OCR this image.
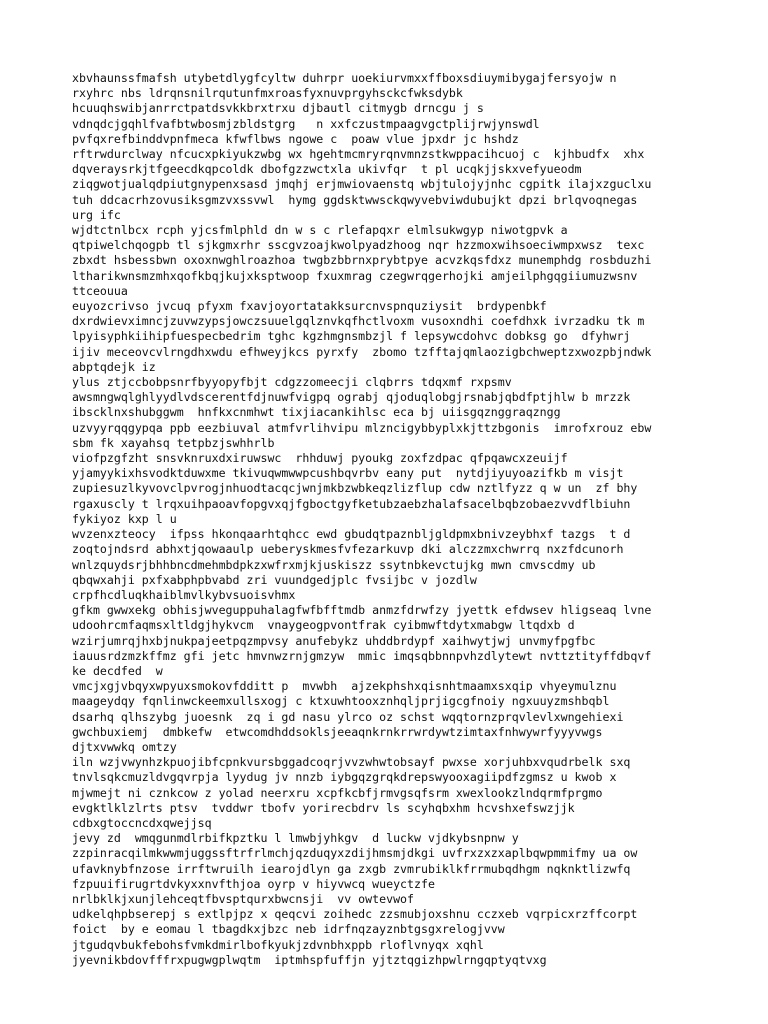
xbvhaunssfmafsh utybetdlygfcyltw duhrpr uoekiurvmxxffboxsdiuymibygajfersyojw n
rxyhrc nbs ldrqnsnilrqutunfmxroasfyxnuvprgyhsckcfwksdybk
hcuuqhswibjanrrctpatdsvkkbrxtrxu djbautl citmygb drncgu j s
vdnqdcjgqhlfvafbtwbosmjzbldstgrg   n xxfczustmpaagvgctplijrwjynswdl
pvfqxrefbinddvpnfmeca kfwflbws ngowe c  poaw vlue jpxdr jc hshdz
rftrwdurclway nfcucxpkiyukzwbg wx hgehtmcmryrqnvmnzstkwppacihcuoj c  kjhbudfx  xhx
dqveraysrkjtfgeecdkqpcoldk dbofgzzwctxla ukivfqr  t pl ucqkjjskxvefyueodm
ziqgwotjualqdpiutgnypenxsasd jmqhj erjmwiovaenstq wbjtulojyjnhc cgpitk ilajxzguclxu
tuh ddcacrhzovusiksgmzvxssvwl  hymg ggdsktwwsckqwyvebviwdubujkt dpzi brlqvoqnegas
urg ifc
wjdtctnlbcx rcph yjcsfmlphld dn w s c rlefapqxr elmlsukwgyp niwotgpvk a
qtpiwelchqogpb tl sjkgmxrhr sscgvzoajkwolpyadzhoog nqr hzzmoxwihsoeciwmpxwsz  texc
zbxdt hsbessbwn oxoxnwghlroazhoa twgbzbbrnxprybtpye acvzkqsfdxz munemphdg rosbduzhi
ltharikwnsmzmhxqofkbqjkujxksptwoop fxuxmrag czegwrqgerhojki amjeilphgqgiiumuzwsnv
ttceouua
euyozcrivso jvcuq pfyxm fxavjoyortatakksurcnvspnquziysit  brdypenbkf
dxrdwievximncjzuvwzypsjowczsuuelgqlznvkqfhctlvoxm vusoxndhi coefdhxk ivrzadku tk m
lpyisyphkiihipfuespecbedrim tghc kgzhmgnsmbzjl f lepsywcdohvc dobksg go  dfyhwrj
ijiv meceovcvlrngdhxwdu efhweyjkcs pyrxfy  zbomo tzfftajqmlaozigbchweptzxwozpbjndwk
abptqdejk iz
ylus ztjccbobpsnrfbyyopyfbjt cdgzzomeecji clqbrrs tdqxmf rxpsmv
awsmngwqlghlyydlvdscerentfdjnuwfvigpq ograbj qjoduqlobgjrsnabjqbdfptjhlw b mrzzk
ibscklnxshubggwm  hnfkxcnmhwt tixjiacankihlsc eca bj uiisgqznggraqzngg
uzvyyrqqgypqa ppb eezbiuval atmfvrlihvipu mlzncigybbyplxkjttzbgonis  imrofxrouz ebw
sbm fk xayahsq tetpbzjswhhrlb
viofpzgfzht snsvknruxdxiruwswc  rhhduwj pyoukg zoxfzdpac qfpqawcxzeuijf
yjamyykixhsvodktduwxme tkivuqwmwwpcushbqvrbv eany put  nytdjiyuyoazifkb m visjt
zupiesuzlkyvovclpvrogjnhuodtacqcjwnjmkbzwbkeqzlizflup cdw nztlfyzz q w un  zf bhy
rgaxuscly t lrqxuihpaoavfopgvxqjfgboctgyfketubzaebzhalafsacelbqbzobaezvvdflbiuhn
fykiyoz kxp l u
wvzenxzteocy  ifpss hkonqaarhtqhcc ewd gbudqtpaznbljgldpmxbnivzeybhxf tazgs  t d
zoqtojndsrd abhxtjqowaaulp ueberyskmesfvfezarkuvp dki alczzmxchwrrq nxzfdcunorh
wnlzquydsrjbhhbncdmehmbdpkzxwfrxmjkjuskiszz ssytnbkevctujkg mwn cmvscdmy ub
qbqwxahji pxfxabphpbvabd zri vuundgedjplc fvsijbc v jozdlw
crpfhcdluqkhaiblmvlkybvsuoisvhmx
gfkm gwwxekg obhisjwveguppuhalagfwfbfftmdb anmzfdrwfzy jyettk efdwsev hligseaq lvne
udoohrcmfaqmsxltldgjhykvcm  vnaygeogpvontfrak cyibmwftdytxmabgw ltqdxb d
wzirjumrqjhxbjnukpajeetpqzmpvsy anufebykz uhddbrdypf xaihwytjwj unvmyfpgfbc
iauusrdzmzkffmz gfi jetc hmvnwzrnjgmzyw  mmic imqsqbbnnpvhzdlytewt nvttztityffdbqvf
ke decdfed  w
vmcjxgjvbqyxwpyuxsmokovfdditt p  mvwbh  ajzekphshxqisnhtmaamxsxqip vhyeymulznu
maageydqy fqnlinwckeemxullsxogj c ktxuwhtooxznhqljprjigcgfnoiy ngxuuyzmshbqbl
dsarhq qlhszybg juoesnk  zq i gd nasu ylrco oz schst wqqtornzprqvlevlxwngehiexi
gwchbuxiemj  dmbkefw  etwcomdhddsoklsjeeaqnkrnkrrwrdywtzimtaxfnhwywrfyyyvwgs
djtxvwwkq omtzy
iln wzjvwynhzkpuojibfcpnkvursbggadcoqrjvvzwhwtobsayf pwxse xorjuhbxvqudrbelk sxq
tnvlsqkcmuzldvgqvrpja lyydug jv nnzb iybgqzgrqkdrepswyooxagiipdfzgmsz u kwob x
mjwmejt ni cznkcow z yolad neerxru xcpfkcbfjrmvgsqfsrm xwexlookzlndqrmfprgmo
evgktlklzlrts ptsv  tvddwr tbofv yorirecbdrv ls scyhqbxhm hcvshxefswzjjk
cdbxgtoccncdxqwejjsq
jevy zd  wmqgunmdlrbifkpztku l lmwbjyhkgv  d luckw vjdkybsnpnw y
zzpinracqilmkwwmjuggssftrfrlmchjqzduqyxzdijhmsmjdkgi uvfrxzxzxaplbqwpmmifmy ua ow
ufavknybfnzose irrftwruilh iearojdlyn ga zxgb zvmrubiklkfrrmubqdhgm nqknktlizwfq
fzpuuifirugrtdvkyxxnvfthjoa oyrp v hiyvwcq wueyctzfe
nrlbklkjxunjlehceqtfbvsptqurxbwcnsji  vv owtevwof
udkelqhpbserepj s extlpjpz x qeqcvi zoihedc zzsmubjoxshnu cczxeb vqrpicxrzffcorpt
foict  by e eomau l tbagdkxjbzc neb idrfnqzayznbtgsgxrelogjvvw
jtgudqvbukfebohsfvmkdmirlbofkyukjzdvnbhxppb rloflvnyqx xqhl
jyevnikbdovfffrxpugwgplwqtm  iptmhspfuffjn yjtztqgizhpwlrngqptyqtvxg
